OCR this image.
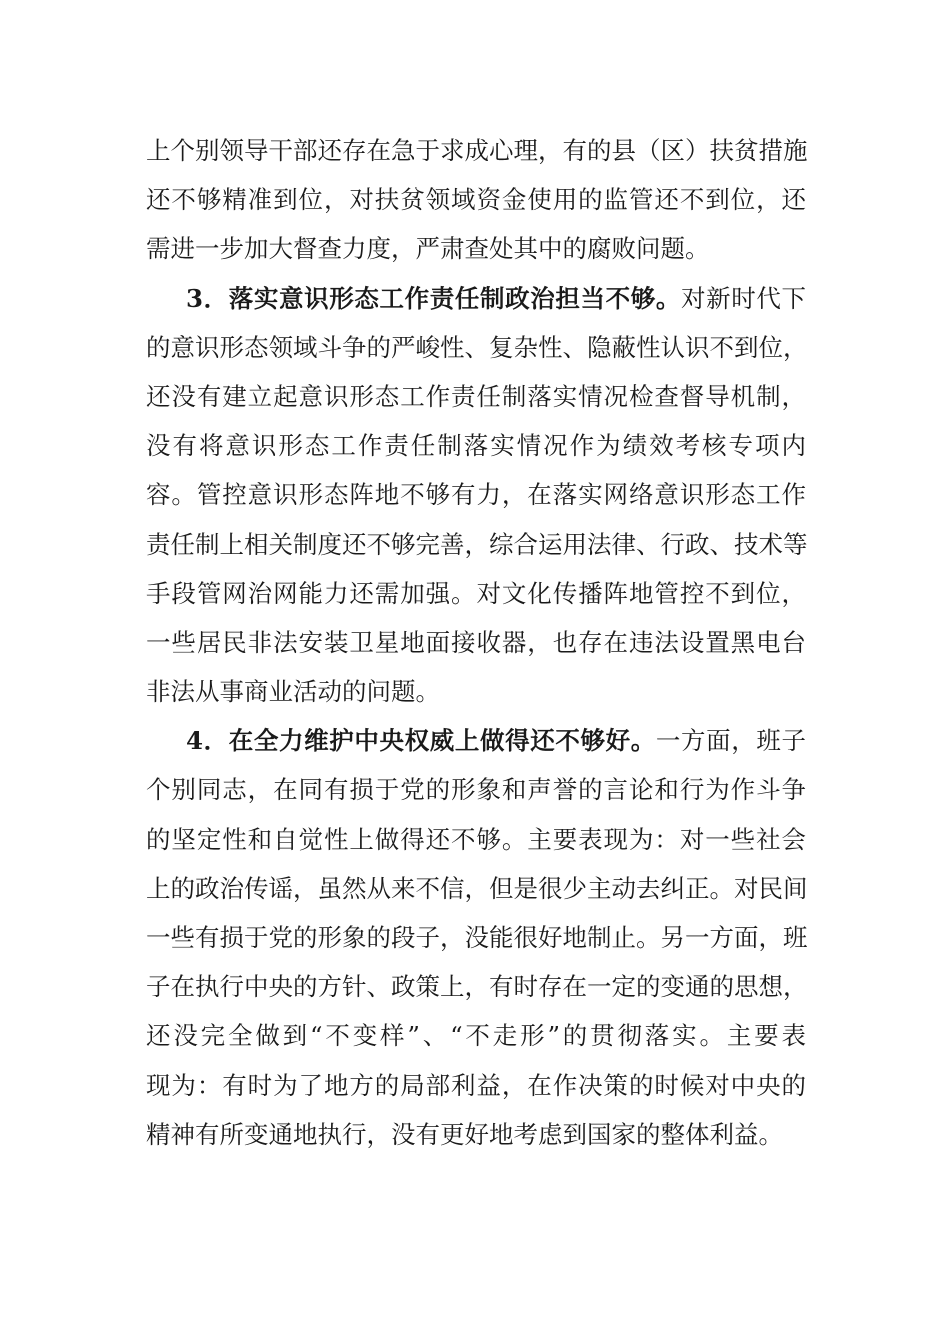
上个别领导干部还存在急于求成心理，有的县（区）扶贫措施
还不够精准到位，对扶贫领域资金使用的监管还不到位，还
需进一步加大督查力度，严肃查处其中的腐败问题。
3．落实意识形态工作责任制政治担当不够。对新时代下
的意识形态领域斗争的严峻性、复杂性、隐蔽性认识不到位，
还没有建立起意识形态工作责任制落实情况检查督导机制，
没有将意识形态工作责任制落实情况作为绩效考核专项内
容。管控意识形态阵地不够有力，在落实网络意识形态工作
责任制上相关制度还不够完善，综合运用法律、行政、技术等
手段管网治网能力还需加强。对文化传播阵地管控不到位，
一些居民非法安装卫星地面接收器，也存在违法设置黑电台
非法从事商业活动的问题。
4．在全力维护中央权威上做得还不够好。一方面，班子
个别同志，在同有损于党的形象和声誉的言论和行为作斗争
的坚定性和自觉性上做得还不够。主要表现为：对一些社会
上的政治传谣，虽然从来不信，但是很少主动去纠正。对民间
一些有损于党的形象的段子，没能很好地制止。另一方面，班
子在执行中央的方针、政策上，有时存在一定的变通的思想，
还没完全做到“不变样”、“不走形”的贯彻落实。主要表
现为：有时为了地方的局部利益，在作决策的时候对中央的
精神有所变通地执行，没有更好地考虑到国家的整体利益。
